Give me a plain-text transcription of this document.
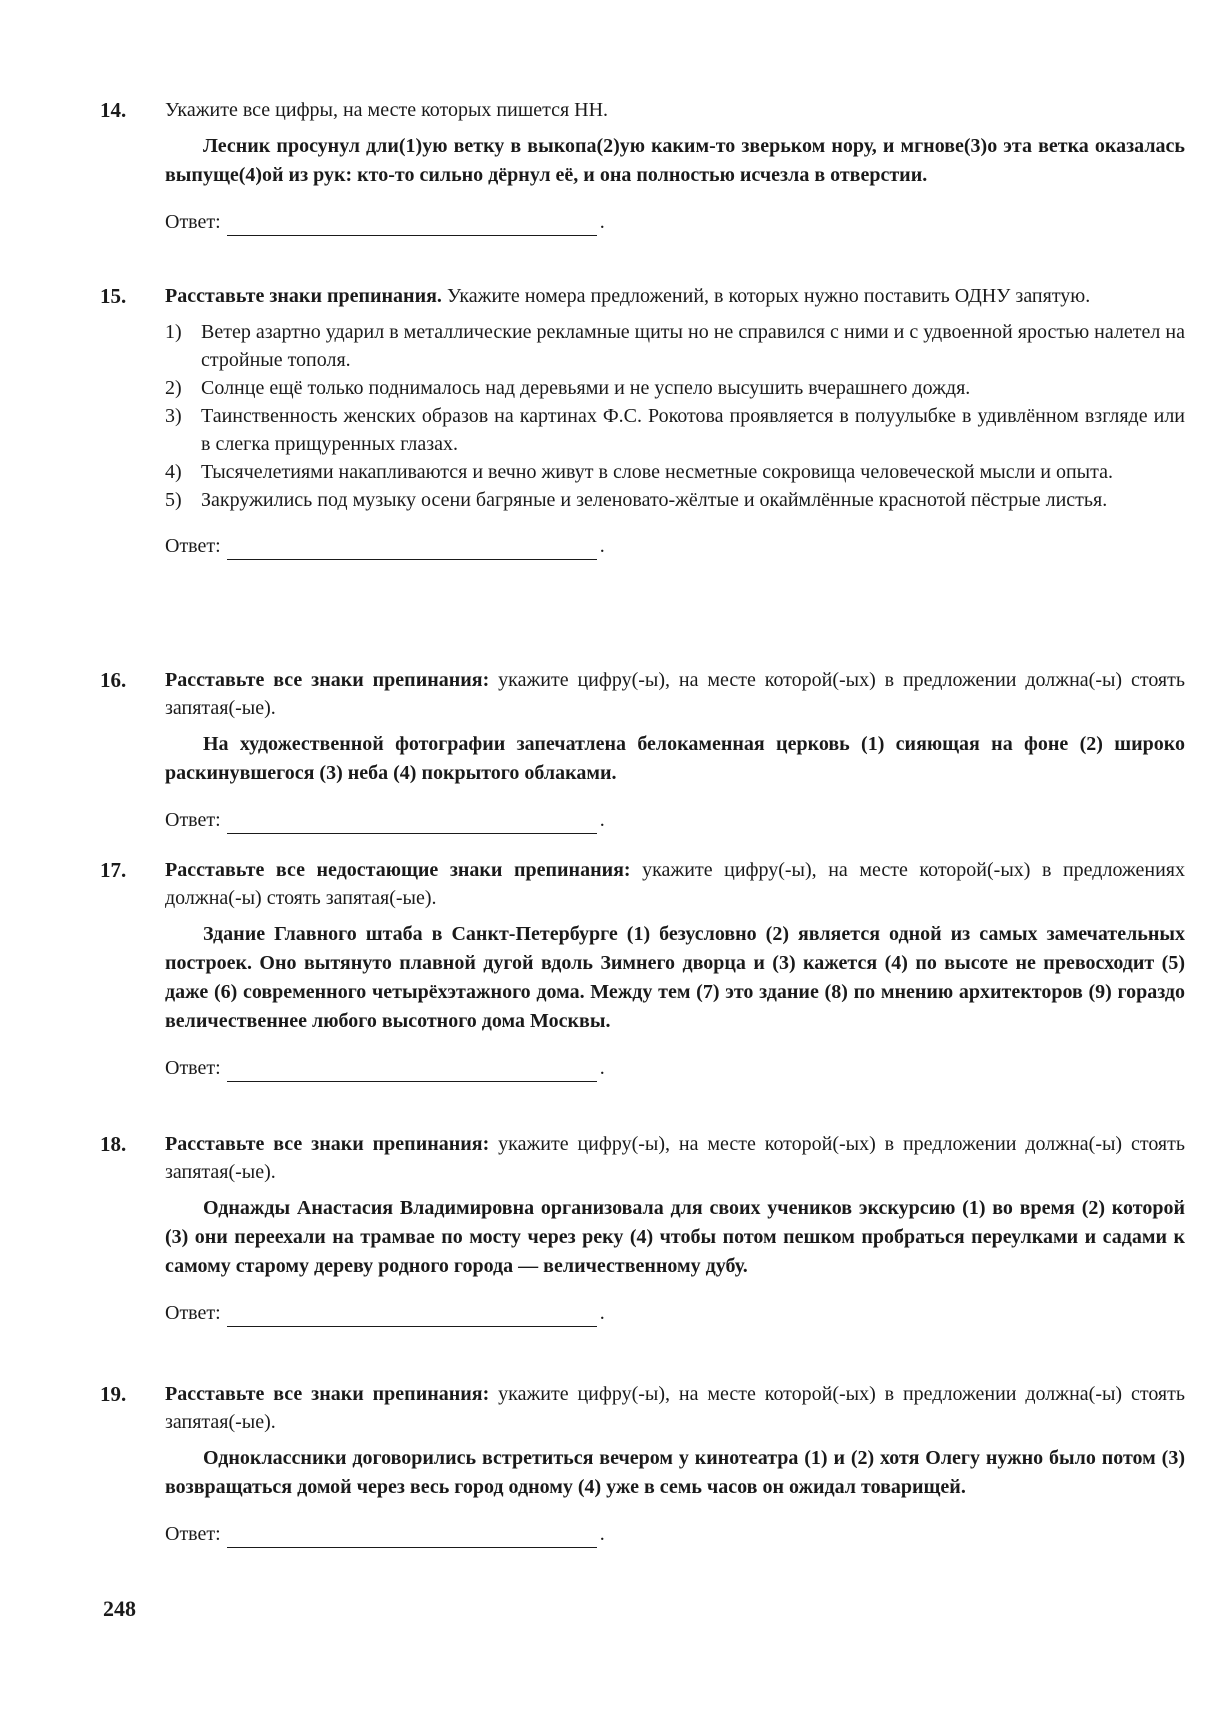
14. Укажите все цифры, на месте которых пишется НН.

Лесник просунул дли(1)ую ветку в выкопа(2)ую каким-то зверьком нору, и мгнове(3)о эта ветка оказалась выпуще(4)ой из рук: кто-то сильно дёрнул её, и она полностью исчезла в отверстии.

Ответ:	.
15. Расставьте знаки препинания. Укажите номера предложений, в которых нужно поставить ОДНУ запятую.

1) Ветер азартно ударил в металлические рекламные щиты но не справился с ними и с удвоенной яростью налетел на стройные тополя.
2) Солнце ещё только поднималось над деревьями и не успело высушить вчерашнего дождя.
3) Таинственность женских образов на картинах Ф.С. Рокотова проявляется в полуулыбке в удивлённом взгляде или в слегка прищуренных глазах.
4) Тысячелетиями накапливаются и вечно живут в слове несметные сокровища человеческой мысли и опыта.
5) Закружились под музыку осени багряные и зеленовато-жёлтые и окаймлённые краснотой пёстрые листья.
Ответ:	.
16. Расставьте все знаки препинания: укажите цифру(-ы), на месте которой(-ых) в предложении должна(-ы) стоять запятая(-ые).

На художественной фотографии запечатлена белокаменная церковь (1) сияющая на фоне (2) широко раскинувшегося (3) неба (4) покрытого облаками.

Ответ:	.
17. Расставьте все недостающие знаки препинания: укажите цифру(-ы), на месте которой(-ых) в предложениях должна(-ы) стоять запятая(-ые).

Здание Главного штаба в Санкт-Петербурге (1) безусловно (2) является одной из самых замечательных построек. Оно вытянуто плавной дугой вдоль Зимнего дворца и (3) кажется (4) по высоте не превосходит (5) даже (6) современного четырёхэтажного дома. Между тем (7) это здание (8) по мнению архитекторов (9) гораздо величественнее любого высотного дома Москвы.

Ответ:	.
18. Расставьте все знаки препинания: укажите цифру(-ы), на месте которой(-ых) в предложении должна(-ы) стоять запятая(-ые).

Однажды Анастасия Владимировна организовала для своих учеников экскурсию (1) во время (2) которой (3) они переехали на трамвае по мосту через реку (4) чтобы потом пешком пробраться переулками и садами к самому старому дереву родного города — величественному дубу.

Ответ:	.
19. Расставьте все знаки препинания: укажите цифру(-ы), на месте которой(-ых) в предложении должна(-ы) стоять запятая(-ые).

Одноклассники договорились встретиться вечером у кинотеатра (1) и (2) хотя Олегу нужно было потом (3) возвращаться домой через весь город одному (4) уже в семь часов он ожидал товарищей.

Ответ:	.
248
